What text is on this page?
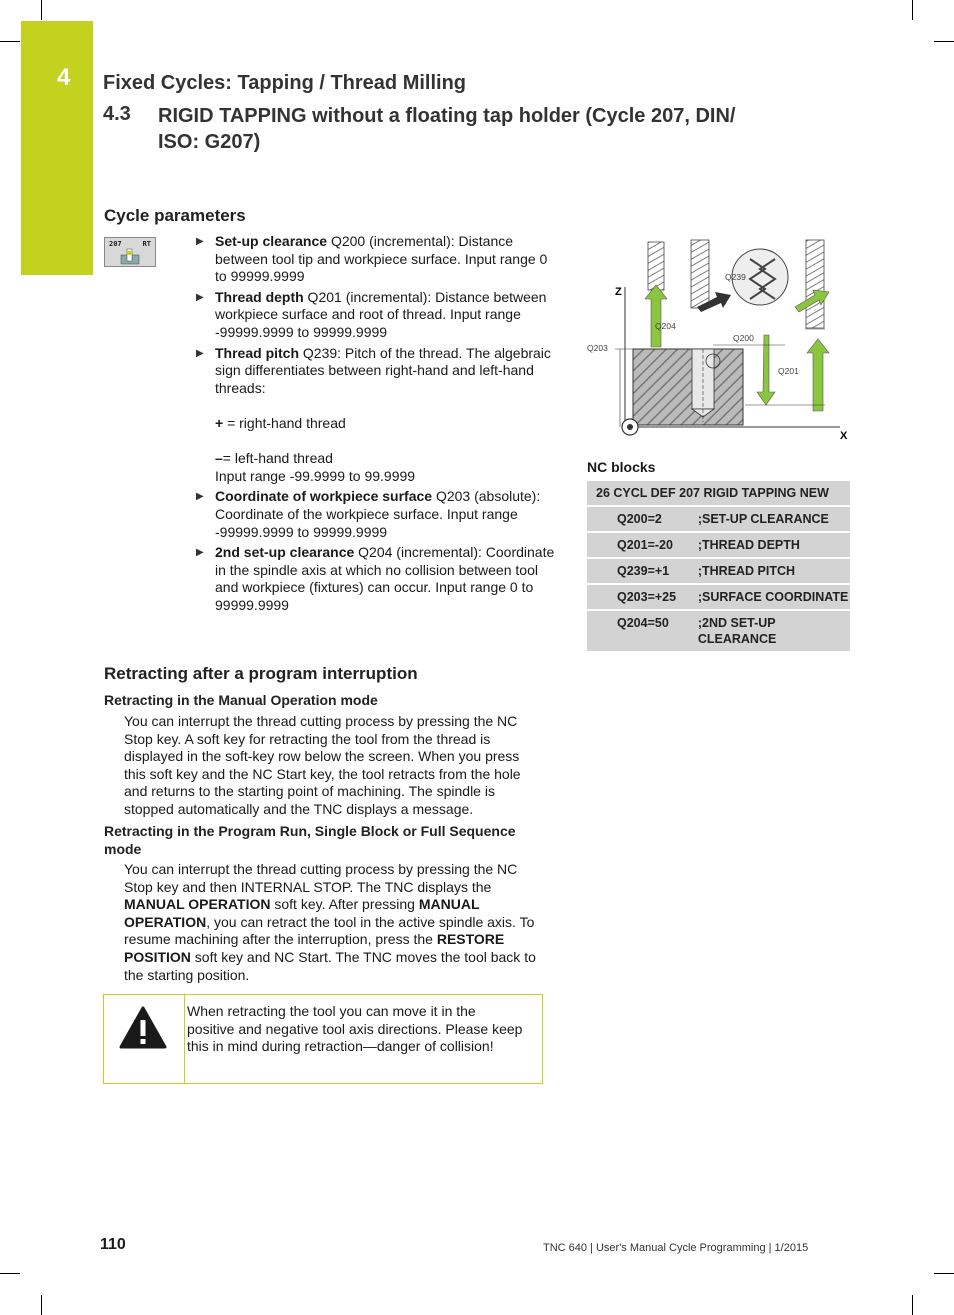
4 Fixed Cycles: Tapping / Thread Milling
4.3 RIGID TAPPING without a floating tap holder (Cycle 207, DIN/ ISO: G207)
Cycle parameters
207	RT	▶ Set-up clearance Q200 (incremental): Distance between tool tip and workpiece surface. Input range 0 to 99999.9999
▶ Thread depth Q201 (incremental): Distance between workpiece surface and root of thread. Input range -99999.9999 to 99999.9999
▶ Thread pitch Q239: Pitch of the thread. The algebraic sign differentiates between right-hand and left-hand threads:
+ = right-hand thread
–= left-hand thread
Input range -99.9999 to 99.9999
▶ Coordinate of workpiece surface Q203 (absolute): Coordinate of the workpiece surface. Input range -99999.9999 to 99999.9999
▶ 2nd set-up clearance Q204 (incremental): Coordinate in the spindle axis at which no collision between tool and workpiece (fixtures) can occur. Input range 0 to 99999.9999
Z
X
Q239
Q204
Q203
Q200
Q201
NC blocks
26 CYCL DEF 207 RIGID TAPPING NEW	
Q200=2	;SET-UP CLEARANCE
Q201=-20	;THREAD DEPTH
Q239=+1	;THREAD PITCH
Q203=+25	;SURFACE COORDINATE
Q204=50	;2ND SET-UP CLEARANCE
Retracting after a program interruption
Retracting in the Manual Operation mode
You can interrupt the thread cutting process by pressing the NC Stop key. A soft key for retracting the tool from the thread is displayed in the soft-key row below the screen. When you press this soft key and the NC Start key, the tool retracts from the hole and returns to the starting point of machining. The spindle is stopped automatically and the TNC displays a message.
Retracting in the Program Run, Single Block or Full Sequence mode
You can interrupt the thread cutting process by pressing the NC Stop key and then INTERNAL STOP. The TNC displays the MANUAL OPERATION soft key. After pressing MANUAL OPERATION, you can retract the tool in the active spindle axis. To resume machining after the interruption, press the RESTORE POSITION soft key and NC Start. The TNC moves the tool back to the starting position.
When retracting the tool you can move it in the positive and negative tool axis directions. Please keep this in mind during retraction—danger of collision!
110	TNC 640 | User's Manual Cycle Programming | 1/2015
